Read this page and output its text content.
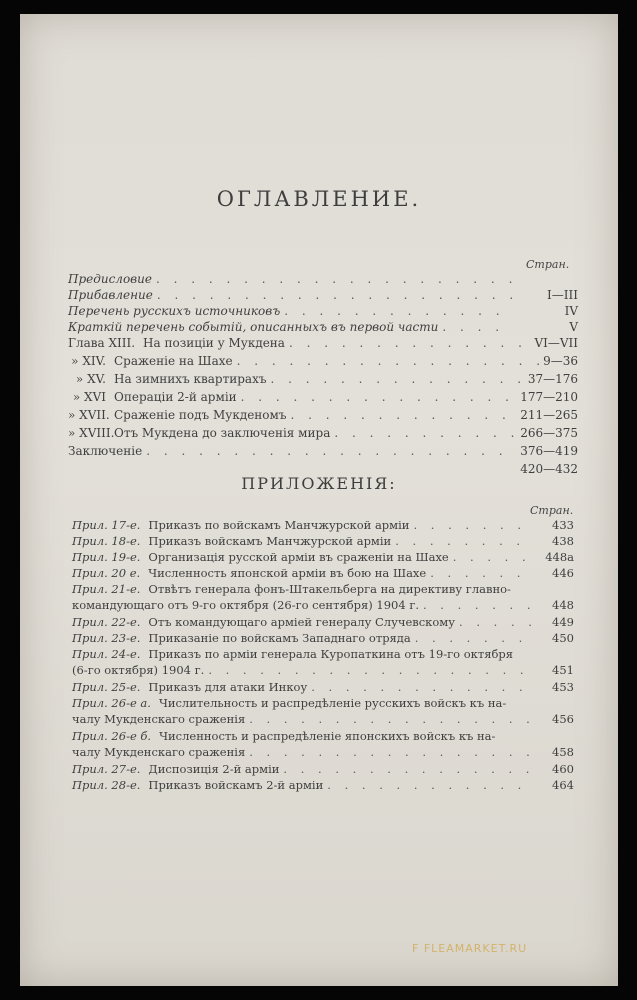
ОГЛАВЛЕНИЕ.
Стран.
Предисловие
. . .
Прибавление . . .	I—III
Перечень русскихъ источниковъ . . .	IV
Краткій перечень событій, описанныхъ въ первой части . . .	V
Глава XIII. На позиціи у Мукдена . . .	VI—VII
» XIV. Сраженіе на Шахе . . .	9—36
» XV. На зимнихъ квартирахъ . . .	37—176
» XVI Операціи 2-й арміи . . .	177—210
» XVII. Сраженіе подъ Мукденомъ . . .	211—265
» XVIII. Отъ Мукдена до заключенія мира . . .	266—375
Заключеніе . . .	376—419
420—432
ПРИЛОЖЕНІЯ:
Стран.
Прил. 17-е. Приказъ по войскамъ Манчжурской арміи . . .	433
Прил. 18-е. Приказъ войскамъ Манчжурской арміи . . .	438
Прил. 19-е. Организація русской арміи въ сраженіи на Шахе . . .	448a
Прил. 20 е. Численность японской арміи въ бою на Шахе . . .	446
Прил. 21-е. Отвѣтъ генерала фонъ-Штакельберга на директиву главно-
командующаго отъ 9-го октября (26-го сентября) 1904 г. . . .	448
Прил. 22-е. Отъ командующаго арміей генералу Случевскому . . .	449
Прил. 23-е. Приказаніе по войскамъ Западнаго отряда . . .	450
Прил. 24-е. Приказъ по арміи генерала Куропаткина отъ 19-го октября
(6-го октября) 1904 г. . . .	451
Прил. 25-е. Приказъ для атаки Инкоу . . .	453
Прил. 26-е а. Числительность и распредѣленіе русскихъ войскъ къ на-
чалу Мукденскаго сраженія . . .	456
Прил. 26-е б. Численность и распредѣленіе японскихъ войскъ къ на-
чалу Мукденскаго сраженія . . .	458
Прил. 27-е. Диспозиція 2-й арміи . . .	460
Прил. 28-е. Приказъ войскамъ 2-й арміи . . .	464
F FLEAMARKET.RU
